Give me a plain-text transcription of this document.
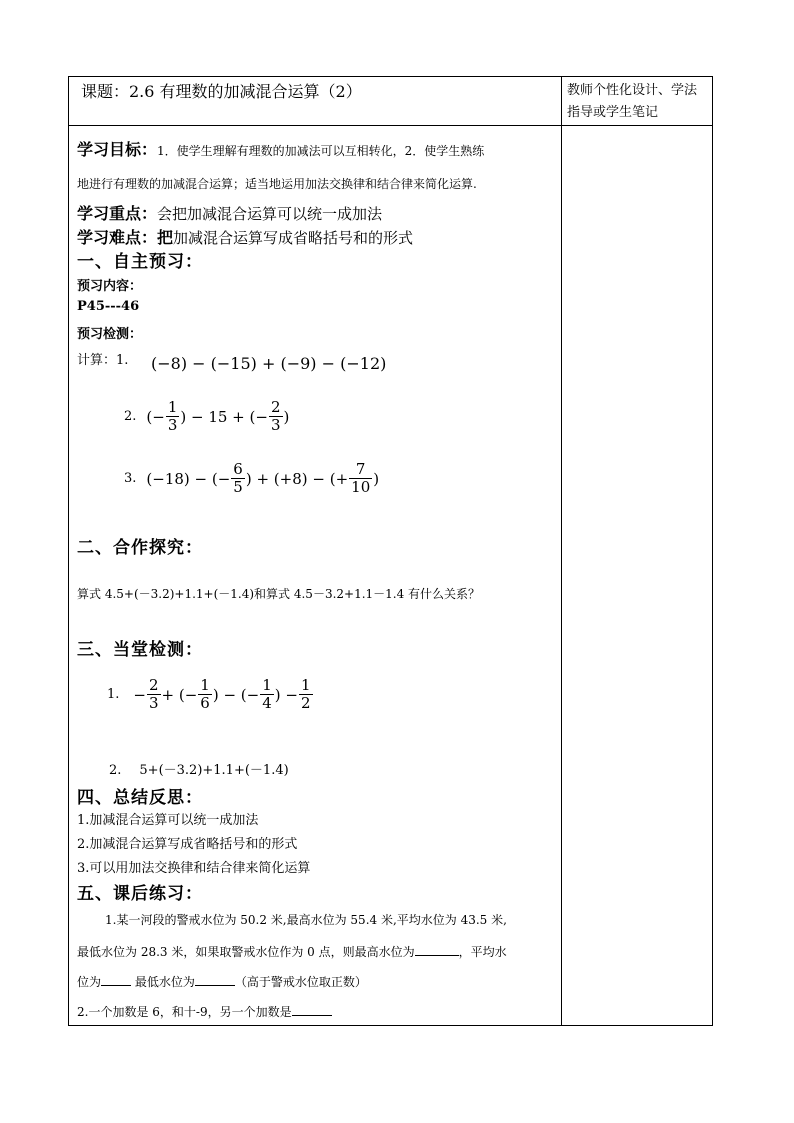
课题：2.6 有理数的加减混合运算（2）	教师个性化设计、学法
指导或学生笔记
学习目标：1．使学生理解有理数的加减法可以互相转化，2．使学生熟练
地进行有理数的加减混合运算；适当地运用加法交换律和结合律来简化运算.
学习重点：会把加减混合运算可以统一成加法
学习难点：把加减混合运算写成省略括号和的形式
一、自主预习：
预习内容：
P45---46
预习检测：
计算：1. (−8) − (−15) + (−9) − (−12)
2. (− $\frac{1}{3}$ ) − 15 + (− $\frac{2}{3}$ )
3. (−18) − (− $\frac{6}{5}$ ) + (+8) − (+ $\frac{7}{10}$ )
二、合作探究：
算式 4.5+(－3.2)+1.1+(－1.4)和算式 4.5－3.2+1.1－1.4 有什么关系？
三、当堂检测：
1. − $\frac{2}{3}$ + (− $\frac{1}{6}$ ) − (− $\frac{1}{4}$ ) − $\frac{1}{2}$
2. 5+(－3.2)+1.1+(－1.4)
四、总结反思：
1.加减混合运算可以统一成加法
2.加减混合运算写成省略括号和的形式
3.可以用加法交换律和结合律来简化运算
五、课后练习：
1.某一河段的警戒水位为 50.2 米,最高水位为 55.4 米,平均水位为 43.5 米,
最低水位为 28.3 米，如果取警戒水位作为 0 点，则最高水位为	，平均水
位为	最低水位为	（高于警戒水位取正数）
2.一个加数是 6，和十-9，另一个加数是
